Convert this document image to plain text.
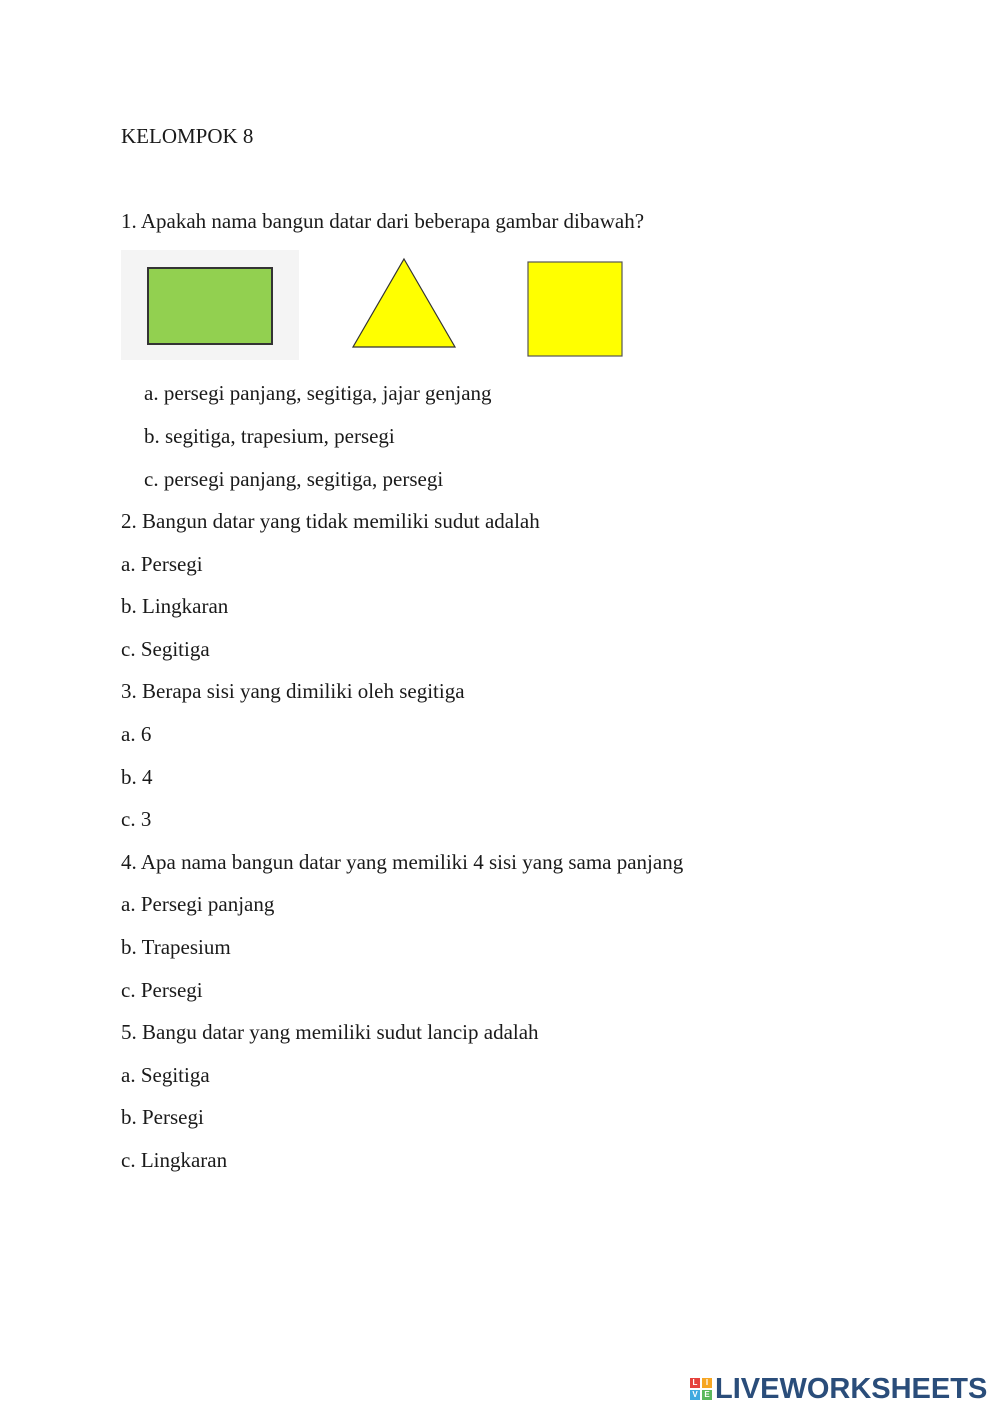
KELOMPOK 8
1. Apakah nama bangun datar dari beberapa gambar dibawah?
a. persegi panjang, segitiga, jajar genjang
b. segitiga, trapesium, persegi
c. persegi panjang, segitiga, persegi
2. Bangun datar yang tidak memiliki sudut adalah
a. Persegi
b. Lingkaran
c. Segitiga
3. Berapa sisi yang dimiliki oleh segitiga
a. 6
b. 4
c. 3
4. Apa nama bangun datar yang memiliki 4 sisi yang sama panjang
a. Persegi panjang
b. Trapesium
c. Persegi
5. Bangu datar yang memiliki sudut lancip adalah
a. Segitiga
b. Persegi
c. Lingkaran
L	I
V E LIVEWORKSHEETS
